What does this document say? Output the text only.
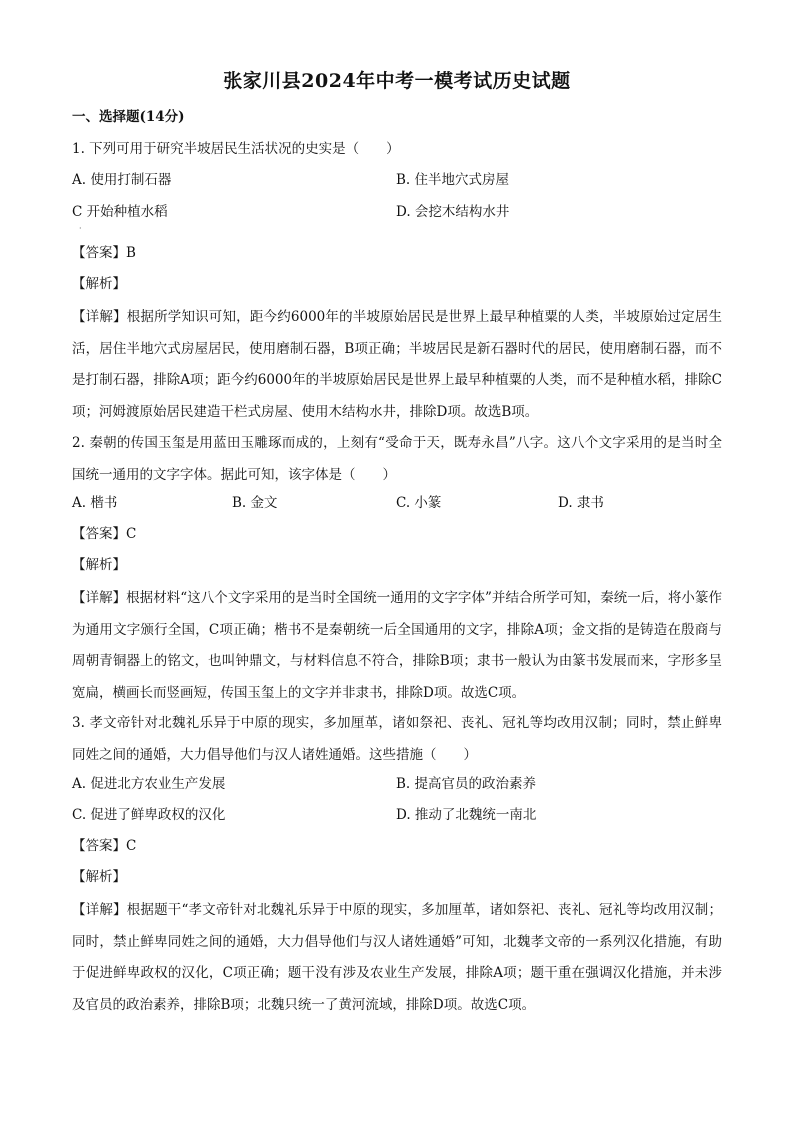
张家川县2024年中考一模考试历史试题
一、选择题(14分)
1. 下列可用于研究半坡居民生活状况的史实是（　　）
A. 使用打制石器	B. 住半地穴式房屋
C 开始种植水稻	D. 会挖木结构水井
·
【答案】B
【解析】
【详解】根据所学知识可知，距今约6000年的半坡原始居民是世界上最早种植粟的人类，半坡原始过定居生活，居住半地穴式房屋居民，使用磨制石器，B项正确；半坡居民是新石器时代的居民，使用磨制石器，而不是打制石器，排除A项；距今约6000年的半坡原始居民是世界上最早种植粟的人类，而不是种植水稻，排除C项；河姆渡原始居民建造干栏式房屋、使用木结构水井，排除D项。故选B项。
2. 秦朝的传国玉玺是用蓝田玉雕琢而成的，上刻有“受命于天，既寿永昌”八字。这八个文字采用的是当时全国统一通用的文字字体。据此可知，该字体是（　　）
A. 楷书	B. 金文	C. 小篆	D. 隶书
【答案】C
【解析】
【详解】根据材料“这八个文字采用的是当时全国统一通用的文字字体”并结合所学可知，秦统一后，将小篆作为通用文字颁行全国，C项正确；楷书不是秦朝统一后全国通用的文字，排除A项；金文指的是铸造在殷商与周朝青铜器上的铭文，也叫钟鼎文，与材料信息不符合，排除B项；隶书一般认为由篆书发展而来，字形多呈宽扁，横画长而竖画短，传国玉玺上的文字并非隶书，排除D项。故选C项。
3. 孝文帝针对北魏礼乐异于中原的现实，多加厘革，诸如祭祀、丧礼、冠礼等均改用汉制；同时，禁止鲜卑同姓之间的通婚，大力倡导他们与汉人诸姓通婚。这些措施（　　）
A. 促进北方农业生产发展	B. 提高官员的政治素养
C. 促进了鲜卑政权的汉化	D. 推动了北魏统一南北
【答案】C
【解析】
【详解】根据题干“孝文帝针对北魏礼乐异于中原的现实，多加厘革，诸如祭祀、丧礼、冠礼等均改用汉制；同时，禁止鲜卑同姓之间的通婚，大力倡导他们与汉人诸姓通婚”可知，北魏孝文帝的一系列汉化措施，有助于促进鲜卑政权的汉化，C项正确；题干没有涉及农业生产发展，排除A项；题干重在强调汉化措施，并未涉及官员的政治素养，排除B项；北魏只统一了黄河流域，排除D项。故选C项。
